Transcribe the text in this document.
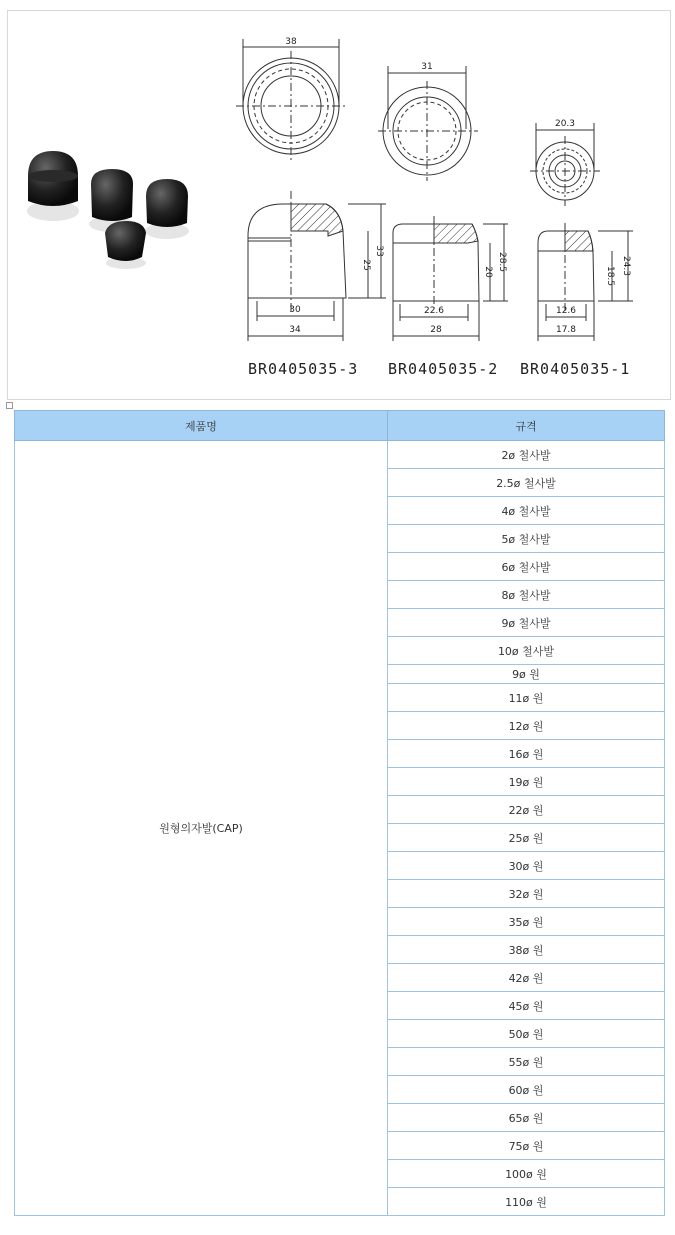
38
31
20.3
30
34
22.6
28
12.6
17.8
25
33
20 28.5
18.5 24.3
BR0405035-3 BR0405035-2 BR0405035-1
제품명	규격
원형의자발(CAP)	2ø 철사발
	2.5ø 철사발
	4ø 철사발
	5ø 철사발
	6ø 철사발
	8ø 철사발
	9ø 철사발
	10ø 철사발
	9ø 원
	11ø 원
	12ø 원
	16ø 원
	19ø 원
	22ø 원
	25ø 원
	30ø 원
	32ø 원
	35ø 원
	38ø 원
	42ø 원
	45ø 원
	50ø 원
	55ø 원
	60ø 원
	65ø 원
	75ø 원
	100ø 원
	110ø 원
